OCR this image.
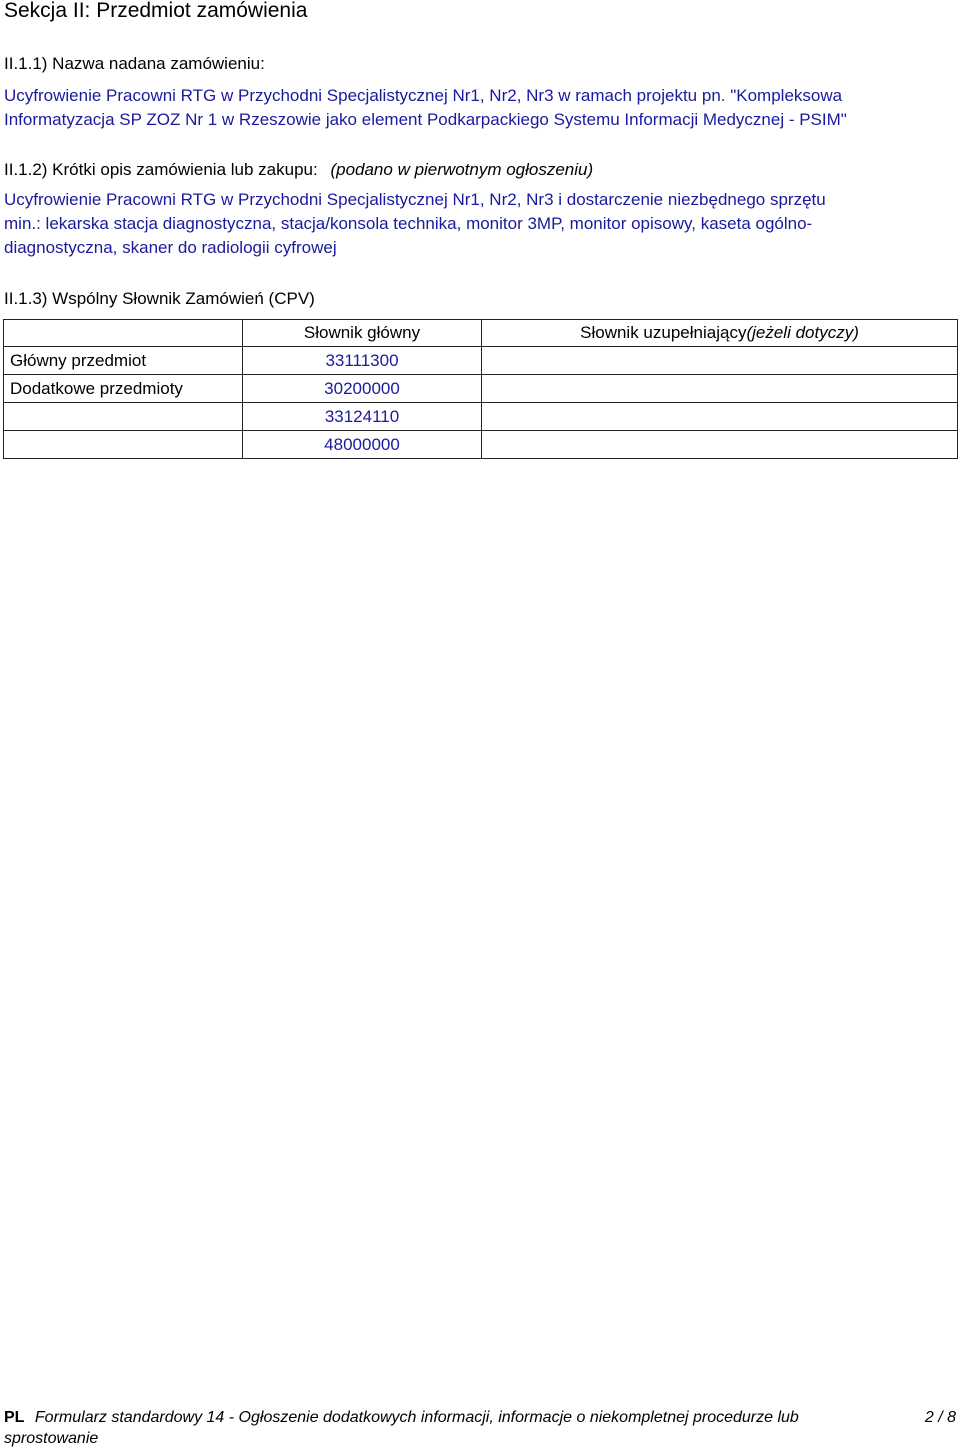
Sekcja II: Przedmiot zamówienia
II.1.1) Nazwa nadana zamówieniu:
Ucyfrowienie Pracowni RTG w Przychodni Specjalistycznej Nr1, Nr2, Nr3 w ramach projektu pn. "Kompleksowa
Informatyzacja SP ZOZ Nr 1 w Rzeszowie jako element Podkarpackiego Systemu Informacji Medycznej - PSIM"
II.1.2) Krótki opis zamówienia lub zakupu: (podano w pierwotnym ogłoszeniu)
Ucyfrowienie Pracowni RTG w Przychodni Specjalistycznej Nr1, Nr2, Nr3 i dostarczenie niezbędnego sprzętu
min.: lekarska stacja diagnostyczna, stacja/konsola technika, monitor 3MP, monitor opisowy, kaseta ogólno-
diagnostyczna, skaner do radiologii cyfrowej
II.1.3) Wspólny Słownik Zamówień (CPV)
	Słownik główny	Słownik uzupełniający(jeżeli dotyczy)
Główny przedmiot	33111300	
Dodatkowe przedmioty	30200000	
	33124110	
	48000000	
PL Formularz standardowy 14 - Ogłoszenie dodatkowych informacji, informacje o niekompletnej procedurze lub
sprostowanie
2 / 8
